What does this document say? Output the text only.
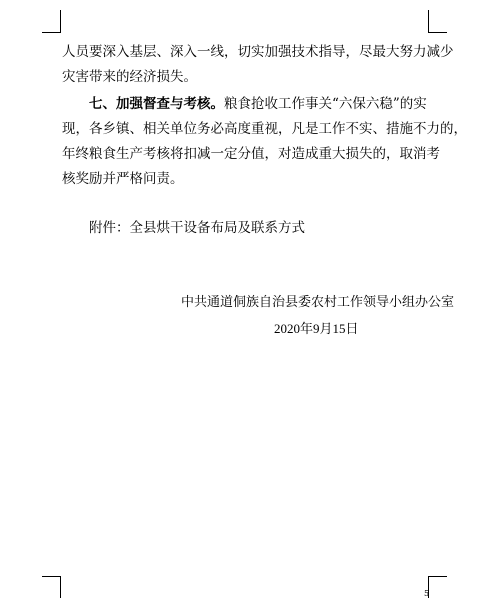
人员要深入基层、深入一线，切实加强技术指导，尽最大努力减少
灾害带来的经济损失。
七、加强督查与考核。粮食抢收工作事关“六保六稳”的实
现，各乡镇、相关单位务必高度重视，凡是工作不实、措施不力的，
年终粮食生产考核将扣减一定分值，对造成重大损失的，取消考
核奖励并严格问责。
附件：全县烘干设备布局及联系方式
中共通道侗族自治县委农村工作领导小组办公室
2020年9月15日
5
